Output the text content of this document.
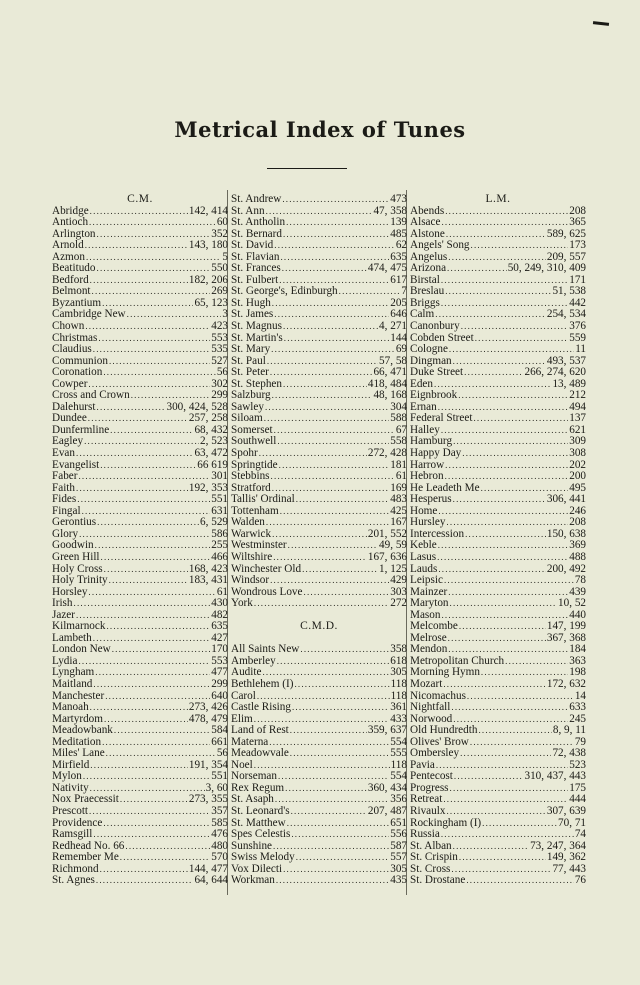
Metrical Index of Tunes
C.M.
Abridge .....	142, 414
Antioch .....	60
Arlington .....	352
Arnold .....	143, 180
Azmon .....	5
Beatitudo .....	550
Bedford .....	182, 206
Belmont .....	269
Byzantium .....	65, 123
Cambridge New .....	3
Chown .....	423
Christmas .....	553
Claudius .....	535
Communion .....	527
Coronation .....	56
Cowper .....	302
Cross and Crown .....	299
Dalehurst .....	300, 424, 528
Dundee .....	257, 258
Dunfermline .....	68, 432
Eagley .....	2, 523
Evan .....	63, 472
Evangelist .....	66 619
Faber .....	301
Faith .....	192, 353
Fides .....	551
Fingal .....	631
Gerontius .....	6, 529
Glory .....	586
Goodwin .....	255
Green Hill .....	466
Holy Cross .....	168, 423
Holy Trinity .....	183, 431
Horsley .....	61
Irish .....	430
Jazer .....	482
Kilmarnock .....	635
Lambeth .....	427
London New .....	170
Lydia .....	553
Lyngham .....	477
Maitland .....	299
Manchester .....	640
Manoah .....	273, 426
Martyrdom .....	478, 479
Meadowbank .....	584
Meditation .....	661
Miles' Lane .....	56
Mirfield .....	191, 354
Mylon .....	551
Nativity .....	3, 60
Nox Praecessit .....	273, 355
Prescott .....	357
Providence .....	585
Ramsgill .....	476
Redhead No. 66 .....	480
Remember Me .....	570
Richmond .....	144, 477
St. Agnes .....	64, 644
St. Andrew .....	473
St. Ann .....	47, 358
St. Antholin .....	139
St. Bernard .....	485
St. David .....	62
St. Flavian .....	635
St. Frances .....	474, 475
St. Fulbert .....	617
St. George's, Edinburgh .....	7
St. Hugh .....	205
St. James .....	646
St. Magnus .....	4, 271
St. Martin's .....	144
St. Mary .....	69
St. Paul .....	57, 58
St. Peter .....	66, 471
St. Stephen .....	418, 484
Salzburg .....	48, 168
Sawley .....	304
Siloam .....	588
Somerset .....	67
Southwell .....	558
Spohr .....	272, 428
Springtide .....	181
Stebbins .....	61
Stratford .....	169
Tallis' Ordinal .....	483
Tottenham .....	425
Walden .....	167
Warwick .....	201, 552
Westminster .....	49, 59
Wiltshire .....	167, 636
Winchester Old .....	1, 125
Windsor .....	429
Wondrous Love .....	303
York .....	272
C.M.D.
All Saints New .....	358
Amberley .....	618
Audite .....	305
Bethlehem (I) .....	118
Carol .....	118
Castle Rising .....	361
Elim .....	433
Land of Rest .....	359, 637
Materna .....	554
Meadowvale .....	555
Noel .....	118
Norseman .....	554
Rex Regum .....	360, 434
St. Asaph .....	356
St. Leonard's .....	207, 487
St. Matthew .....	651
Spes Celestis .....	556
Sunshine .....	587
Swiss Melody .....	557
Vox Dilecti .....	305
Workman .....	435
L.M.
Abends .....	208
Alsace .....	365
Alstone .....	589, 625
Angels' Song .....	173
Angelus .....	209, 557
Arizona .....	50, 249, 310, 409
Birstal .....	171
Breslau .....	51, 538
Briggs .....	442
Calm .....	254, 534
Canonbury .....	376
Cobden Street .....	559
Cologne .....	11
Dingman .....	493, 537
Duke Street .....	266, 274, 620
Eden .....	13, 489
Eignbrook .....	212
Ernan .....	494
Federal Street .....	137
Halley .....	621
Hamburg .....	309
Happy Day .....	308
Harrow .....	202
Hebron .....	200
He Leadeth Me .....	495
Hesperus .....	306, 441
Home .....	246
Hursley .....	208
Intercession .....	150, 638
Keble .....	369
Lasus .....	488
Lauds .....	200, 492
Leipsic .....	78
Mainzer .....	439
Maryton .....	10, 52
Mason .....	440
Melcombe .....	147, 199
Melrose .....	367, 368
Mendon .....	184
Metropolitan Church .....	363
Morning Hymn .....	198
Mozart .....	172, 632
Nicomachus .....	14
Nightfall .....	633
Norwood .....	245
Old Hundredth .....	8, 9, 11
Olives' Brow .....	79
Ombersley .....	72, 438
Pavia .....	523
Pentecost .....	310, 437, 443
Progress .....	175
Retreat .....	444
Rivaulx .....	307, 639
Rockingham (I) .....	70, 71
Russia .....	74
St. Alban .....	73, 247, 364
St. Crispin .....	149, 362
St. Cross .....	77, 443
St. Drostane .....	76
